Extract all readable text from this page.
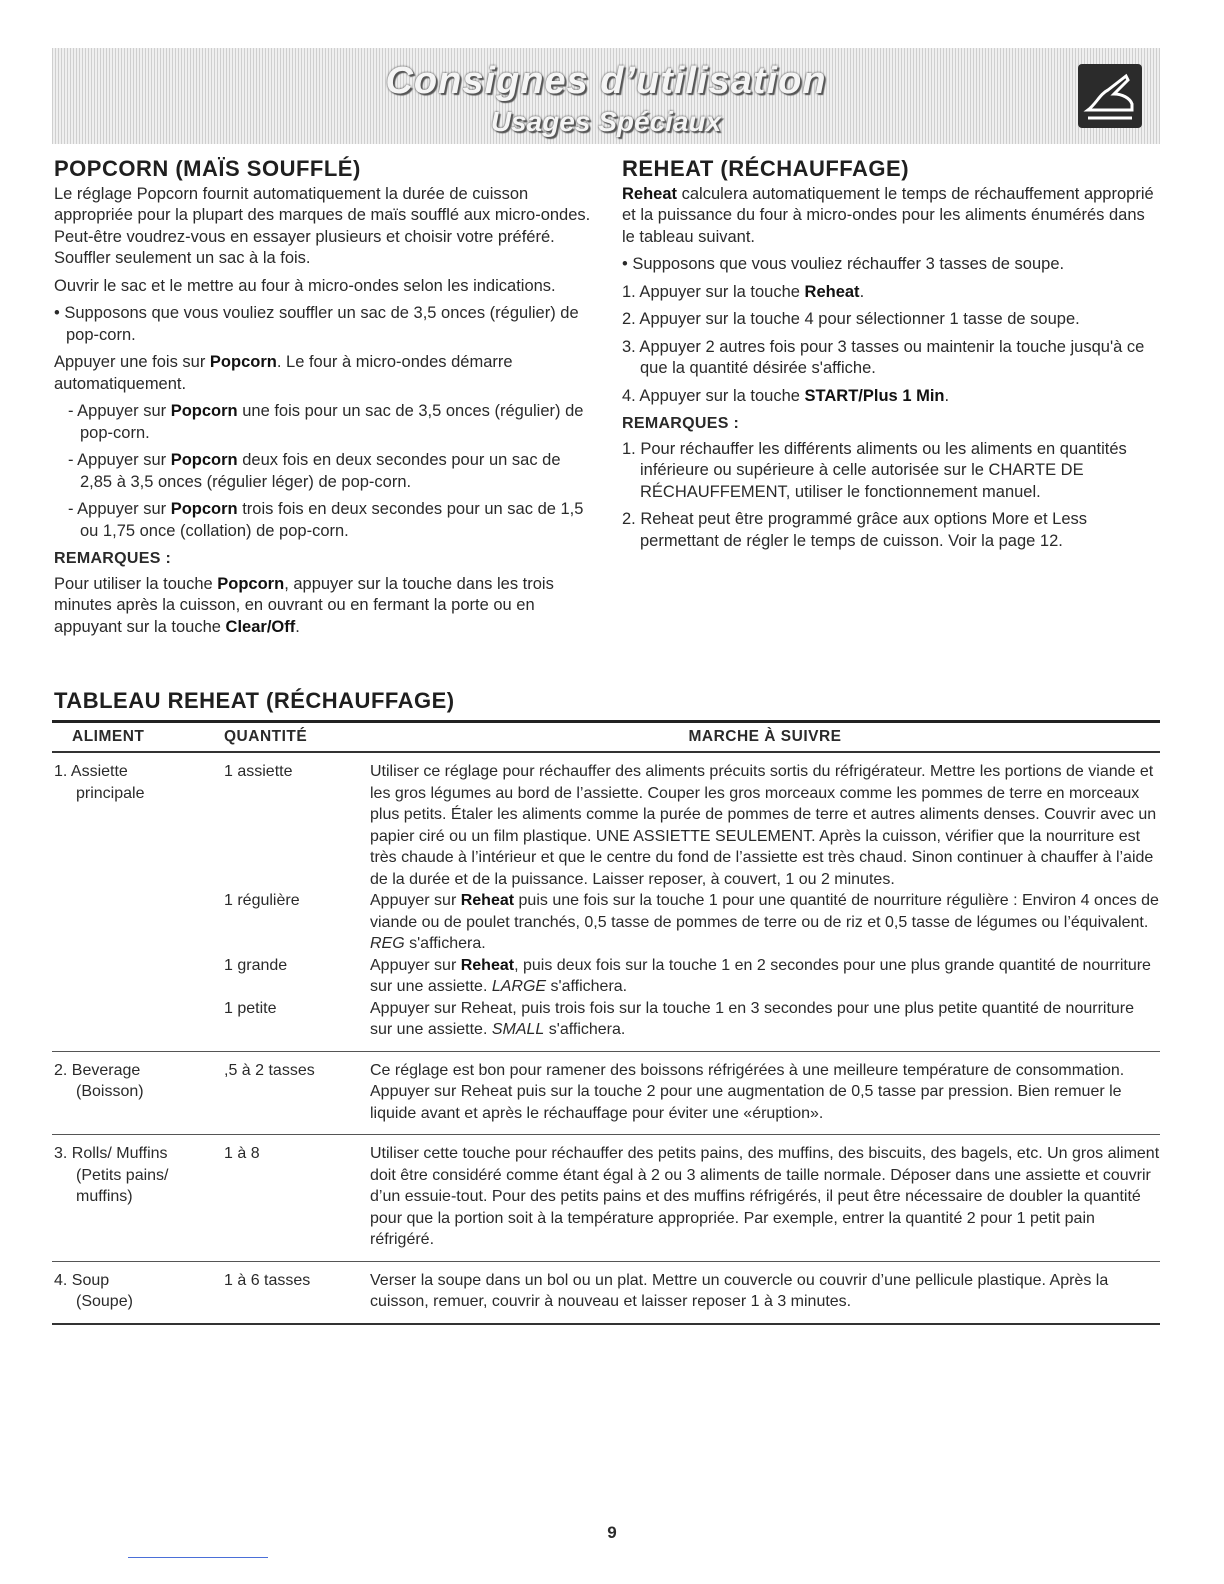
Consignes d’utilisation
Usages Spéciaux
POPCORN (MAÏS SOUFFLÉ)

Le réglage Popcorn fournit automatiquement la durée de cuisson appropriée pour la plupart des marques de maïs soufflé aux micro-ondes. Peut-être voudrez-vous en essayer plusieurs et choisir votre préféré. Souffler seulement un sac à la fois.

Ouvrir le sac et le mettre au four à micro-ondes selon les indications.

• Supposons que vous vouliez souffler un sac de 3,5 onces (régulier) de pop-corn.

Appuyer une fois sur Popcorn. Le four à micro-ondes démarre automatiquement.

- Appuyer sur Popcorn une fois pour un sac de 3,5 onces (régulier) de pop-corn.

- Appuyer sur Popcorn deux fois en deux secondes pour un sac de 2,85 à 3,5 onces (régulier léger) de pop-corn.

- Appuyer sur Popcorn trois fois en deux secondes pour un sac de 1,5 ou 1,75 once (collation) de pop-corn.

REMARQUES :

Pour utiliser la touche Popcorn, appuyer sur la touche dans les trois minutes après la cuisson, en ouvrant ou en fermant la porte ou en appuyant sur la touche Clear/Off.

REHEAT (RÉCHAUFFAGE)

Reheat calculera automatiquement le temps de réchauffement approprié et la puissance du four à micro-ondes pour les aliments énumérés dans le tableau suivant.

• Supposons que vous vouliez réchauffer 3 tasses de soupe.

1. Appuyer sur la touche Reheat.

2. Appuyer sur la touche 4 pour sélectionner 1 tasse de soupe.

3. Appuyer 2 autres fois pour 3 tasses ou maintenir la touche jusqu'à ce que la quantité désirée s'affiche.

4. Appuyer sur la touche START/Plus 1 Min.

REMARQUES :

1. Pour réchauffer les différents aliments ou les aliments en quantités inférieure ou supérieure à celle autorisée sur le CHARTE DE RÉCHAUFFEMENT, utiliser le fonctionnement manuel.

2. Reheat peut être programmé grâce aux options More et Less permettant de régler le temps de cuisson. Voir la page 12.

TABLEAU REHEAT (RÉCHAUFFAGE)
ALIMENT	QUANTITÉ	MARCHE À SUIVRE
1. Assiette
principale
1 assiette	Utiliser ce réglage pour réchauffer des aliments précuits sortis du réfrigérateur. Mettre les portions de viande et les gros légumes au bord de l’assiette. Couper les gros morceaux comme les pommes de terre en morceaux plus petits. Étaler les aliments comme la purée de pommes de terre et autres aliments denses. Couvrir avec un papier ciré ou un film plastique. UNE ASSIETTE SEULEMENT. Après la cuisson, vérifier que la nourriture est très chaude à l’intérieur et que le centre du fond de l’assiette est très chaud. Sinon continuer à chauffer à l’aide de la durée et de la puissance. Laisser reposer, à couvert, 1 ou 2 minutes.
1 régulière	Appuyer sur Reheat puis une fois sur la touche 1 pour une quantité de nourriture régulière : Environ 4 onces de viande ou de poulet tranchés, 0,5 tasse de pommes de terre ou de riz et 0,5 tasse de légumes ou l’équivalent. REG s'affichera.
1 grande	Appuyer sur Reheat, puis deux fois sur la touche 1 en 2 secondes pour une plus grande quantité de nourriture sur une assiette. LARGE s'affichera.
1 petite	Appuyer sur Reheat, puis trois fois sur la touche 1 en 3 secondes pour une plus petite quantité de nourriture sur une assiette. SMALL s'affichera.
2. Beverage
(Boisson)
,5 à 2 tasses	Ce réglage est bon pour ramener des boissons réfrigérées à une meilleure température de consommation. Appuyer sur Reheat puis sur la touche 2 pour une augmentation de 0,5 tasse par pression. Bien remuer le liquide avant et après le réchauffage pour éviter une «éruption».
3. Rolls/ Muffins
(Petits pains/
muffins)
1 à 8	Utiliser cette touche pour réchauffer des petits pains, des muffins, des biscuits, des bagels, etc. Un gros aliment doit être considéré comme étant égal à 2 ou 3 aliments de taille normale. Déposer dans une assiette et couvrir d’un essuie-tout. Pour des petits pains et des muffins réfrigérés, il peut être nécessaire de doubler la quantité pour que la portion soit à la température appropriée. Par exemple, entrer la quantité 2 pour 1 petit pain réfrigéré.
4. Soup
(Soupe)
1 à 6 tasses	Verser la soupe dans un bol ou un plat. Mettre un couvercle ou couvrir d’une pellicule plastique. Après la cuisson, remuer, couvrir à nouveau et laisser reposer 1 à 3 minutes.
9
